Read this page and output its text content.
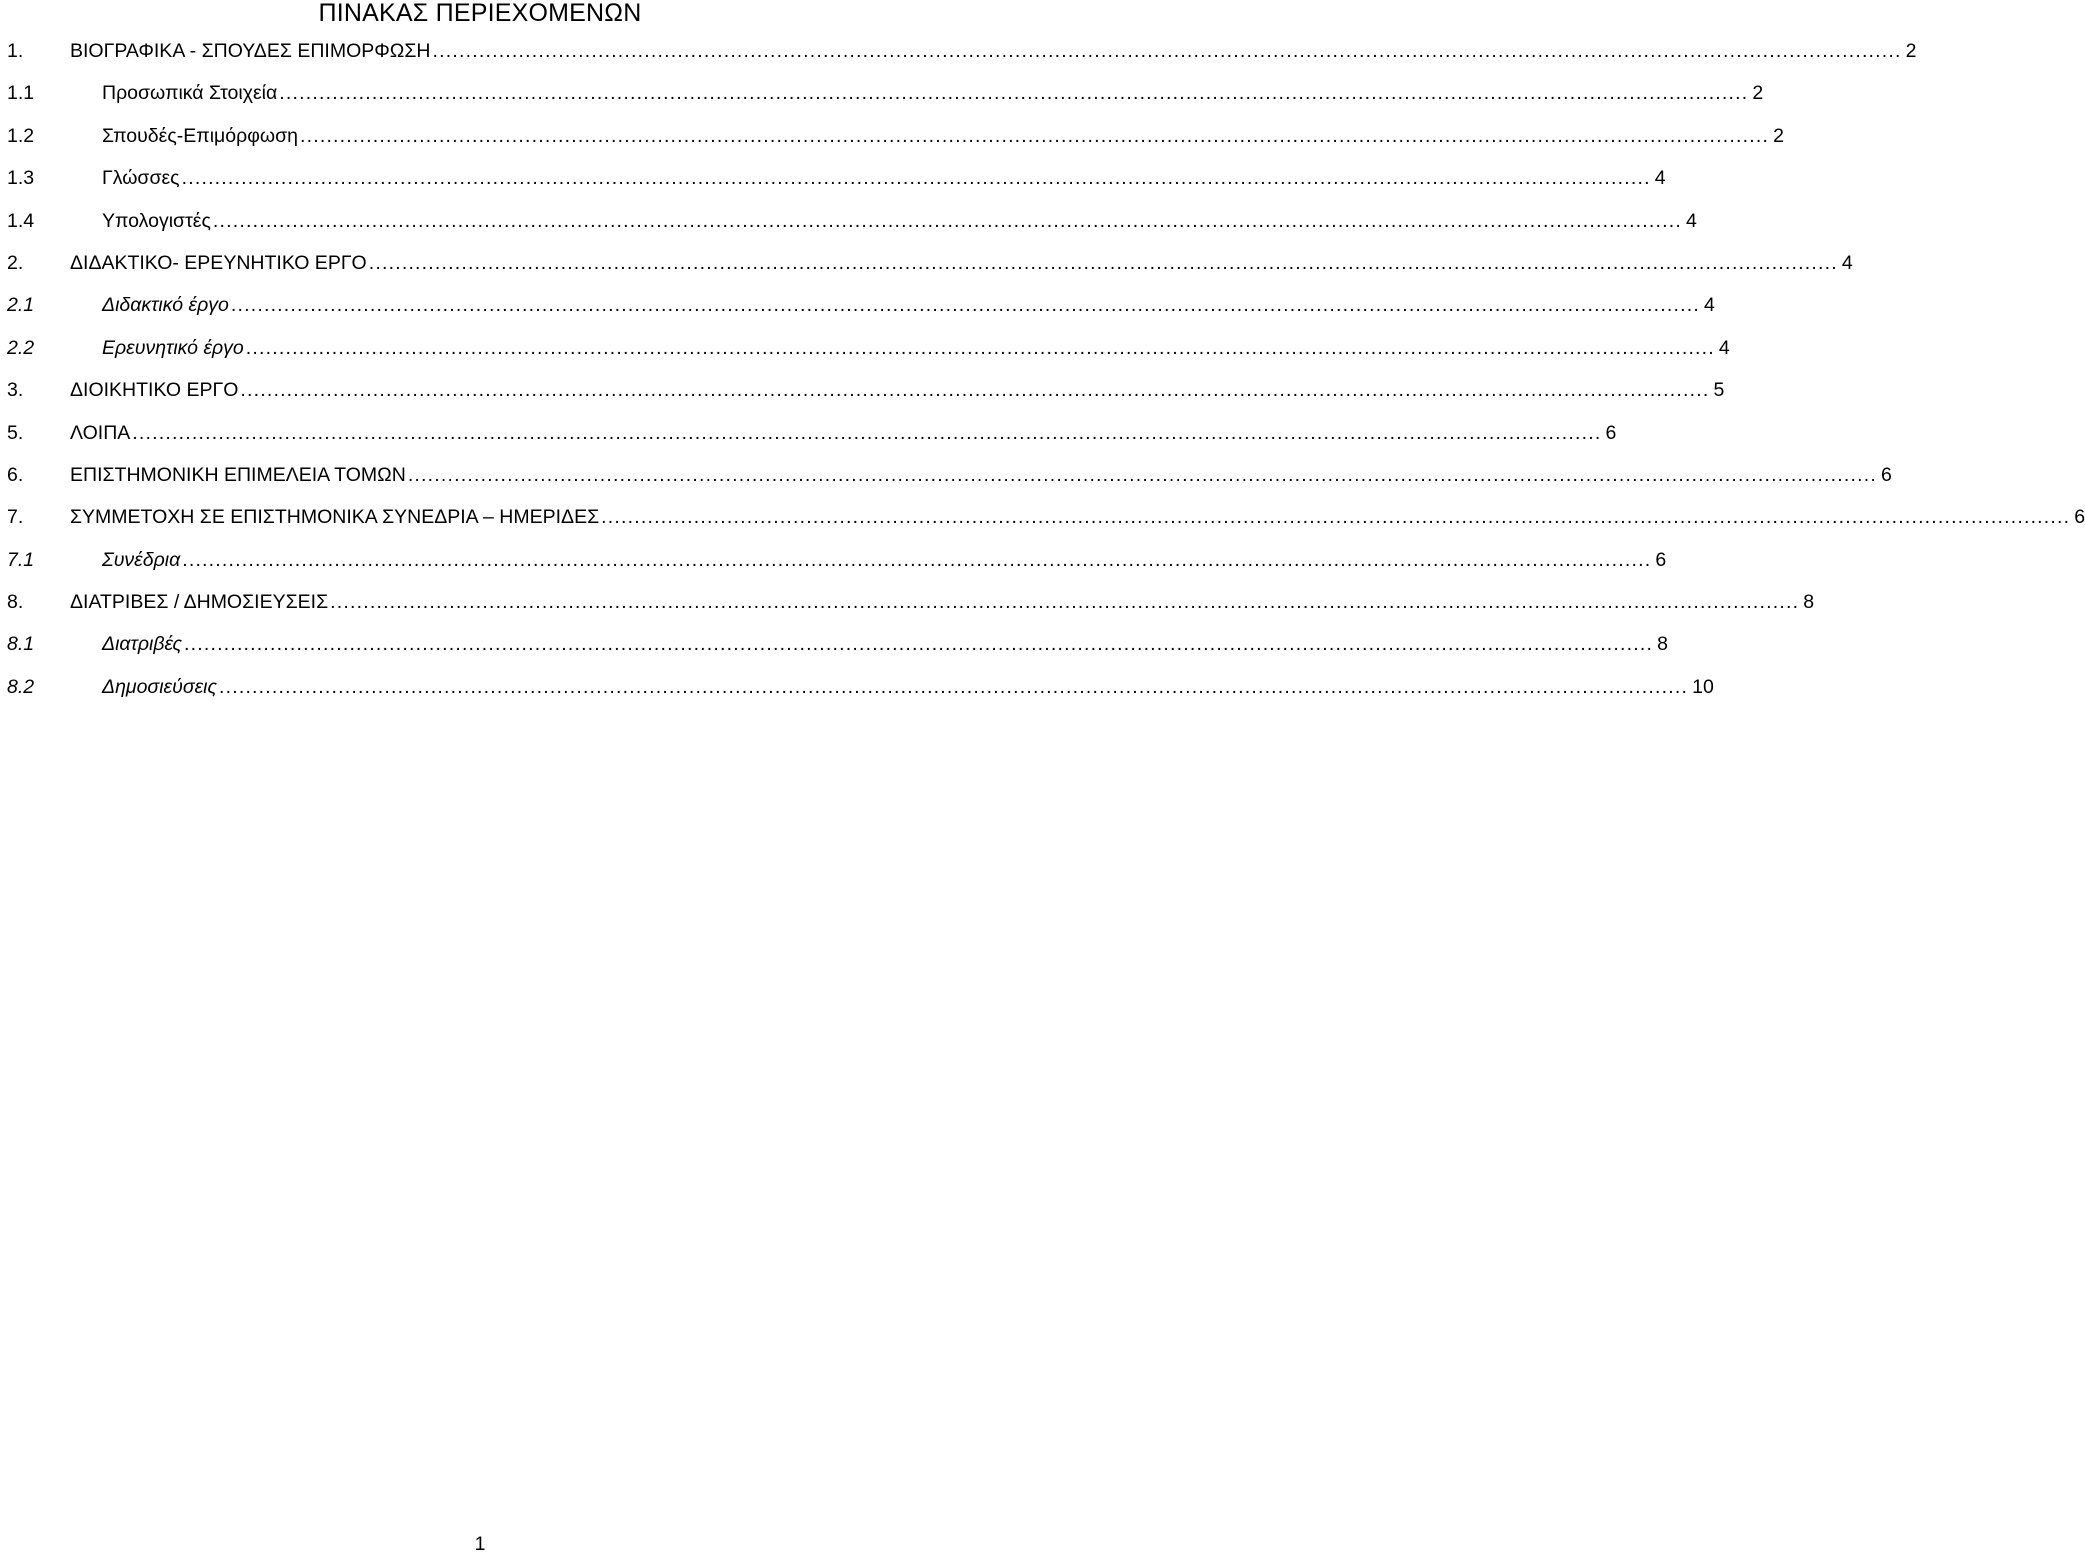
ΠΙΝΑΚΑΣ ΠΕΡΙΕΧΟΜΕΝΩΝ
1.	ΒΙΟΓΡΑΦΙΚΑ - ΣΠΟΥΔΕΣ ΕΠΙΜΟΡΦΩΣΗ .............................................................................................................................................................................................................................. 2
1.1	Προσωπικά Στοιχεία .............................................................................................................................................................................................................................. 2
1.2	Σπουδές-Επιμόρφωση .............................................................................................................................................................................................................................. 2
1.3	Γλώσσες .............................................................................................................................................................................................................................. 4
1.4	Υπολογιστές .............................................................................................................................................................................................................................. 4
2.	ΔΙΔΑΚΤΙΚΟ- ΕΡΕΥΝΗΤΙΚΟ ΕΡΓΟ .............................................................................................................................................................................................................................. 4
2.1	Διδακτικό έργο .............................................................................................................................................................................................................................. 4
2.2	Ερευνητικό έργο .............................................................................................................................................................................................................................. 4
3.	ΔΙΟΙΚΗΤΙΚΟ ΕΡΓΟ .............................................................................................................................................................................................................................. 5
5.	ΛΟΙΠΑ .............................................................................................................................................................................................................................. 6
6.	ΕΠΙΣΤΗΜΟΝΙΚΗ ΕΠΙΜΕΛΕΙΑ ΤΟΜΩΝ .............................................................................................................................................................................................................................. 6
7.	ΣΥΜΜΕΤΟΧΗ ΣΕ ΕΠΙΣΤΗΜΟΝΙΚΑ ΣΥΝΕΔΡΙΑ – ΗΜΕΡΙΔΕΣ .............................................................................................................................................................................................................................. 6
7.1	Συνέδρια .............................................................................................................................................................................................................................. 6
8.	ΔΙΑΤΡΙΒΕΣ / ΔΗΜΟΣΙΕΥΣΕΙΣ .............................................................................................................................................................................................................................. 8
8.1	Διατριβές .............................................................................................................................................................................................................................. 8
8.2	Δημοσιεύσεις .............................................................................................................................................................................................................................. 10
1
